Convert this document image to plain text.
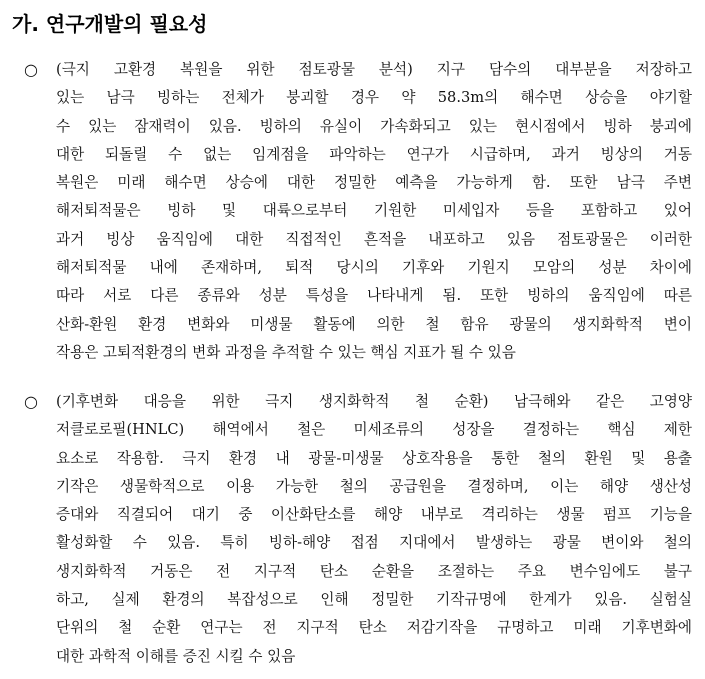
가. 연구개발의 필요성
○ (극지 고환경 복원을 위한 점토광물 분석) 지구 담수의 대부분을 저장하고
있는 남극 빙하는 전체가 붕괴할 경우 약 58.3m의 해수면 상승을 야기할
수 있는 잠재력이 있음. 빙하의 유실이 가속화되고 있는 현시점에서 빙하 붕괴에
대한 되돌릴 수 없는 임계점을 파악하는 연구가 시급하며, 과거 빙상의 거동
복원은 미래 해수면 상승에 대한 정밀한 예측을 가능하게 함. 또한 남극 주변
해저퇴적물은 빙하 및 대륙으로부터 기원한 미세입자 등을 포함하고 있어
과거 빙상 움직임에 대한 직접적인 흔적을 내포하고 있음 점토광물은 이러한
해저퇴적물 내에 존재하며, 퇴적 당시의 기후와 기원지 모암의 성분 차이에
따라 서로 다른 종류와 성분 특성을 나타내게 됨. 또한 빙하의 움직임에 따른
산화-환원 환경 변화와 미생물 활동에 의한 철 함유 광물의 생지화학적 변이
작용은 고퇴적환경의 변화 과정을 추적할 수 있는 핵심 지표가 될 수 있음
○ (기후변화 대응을 위한 극지 생지화학적 철 순환) 남극해와 같은 고영양
저클로로필(HNLC) 해역에서 철은 미세조류의 성장을 결정하는 핵심 제한
요소로 작용함. 극지 환경 내 광물-미생물 상호작용을 통한 철의 환원 및 용출
기작은 생물학적으로 이용 가능한 철의 공급원을 결정하며, 이는 해양 생산성
증대와 직결되어 대기 중 이산화탄소를 해양 내부로 격리하는 생물 펌프 기능을
활성화할 수 있음. 특히 빙하-해양 접점 지대에서 발생하는 광물 변이와 철의
생지화학적 거동은 전 지구적 탄소 순환을 조절하는 주요 변수임에도 불구
하고, 실제 환경의 복잡성으로 인해 정밀한 기작규명에 한계가 있음. 실험실
단위의 철 순환 연구는 전 지구적 탄소 저감기작을 규명하고 미래 기후변화에
대한 과학적 이해를 증진 시킬 수 있음
